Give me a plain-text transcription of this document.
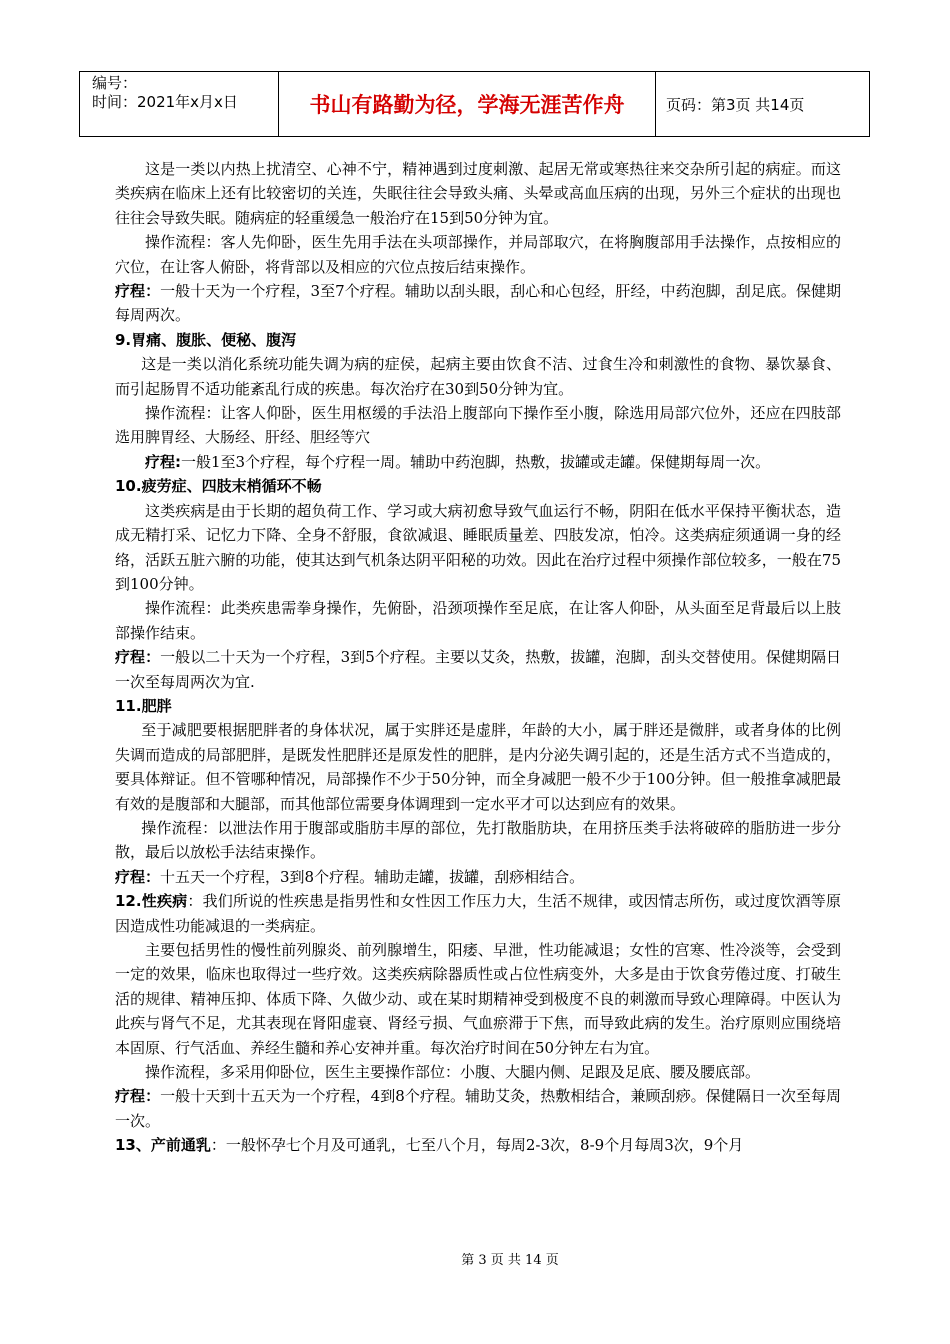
编号：
时间：2021年x月x日	书山有路勤为径，学海无涯苦作舟	页码：第3页 共14页

这是一类以内热上扰清空、心神不宁，精神遇到过度刺激、起居无常或寒热往来交杂所引起的病症。而这类疾病在临床上还有比较密切的关连，失眠往往会导致头痛、头晕或高血压病的出现，另外三个症状的出现也往往会导致失眠。随病症的轻重缓急一般治疗在15到50分钟为宜。

操作流程：客人先仰卧，医生先用手法在头项部操作，并局部取穴，在将胸腹部用手法操作，点按相应的穴位，在让客人俯卧，将背部以及相应的穴位点按后结束操作。

疗程：一般十天为一个疗程，3至7个疗程。辅助以刮头眼，刮心和心包经，肝经，中药泡脚，刮足底。保健期每周两次。

9.胃痛、腹胀、便秘、腹泻

这是一类以消化系统功能失调为病的症侯，起病主要由饮食不洁、过食生冷和刺激性的食物、暴饮暴食、而引起肠胃不适功能紊乱行成的疾患。每次治疗在30到50分钟为宜。

操作流程：让客人仰卧，医生用枢缓的手法沿上腹部向下操作至小腹，除选用局部穴位外，还应在四肢部选用脾胃经、大肠经、肝经、胆经等穴

疗程:一般1至3个疗程，每个疗程一周。辅助中药泡脚，热敷，拔罐或走罐。保健期每周一次。

10.疲劳症、四肢末梢循环不畅

这类疾病是由于长期的超负荷工作、学习或大病初愈导致气血运行不畅，阴阳在低水平保持平衡状态，造成无精打采、记忆力下降、全身不舒服，食欲减退、睡眠质量差、四肢发凉，怕冷。这类病症须通调一身的经络，活跃五脏六腑的功能，使其达到气机条达阴平阳秘的功效。因此在治疗过程中须操作部位较多，一般在75到100分钟。

操作流程：此类疾患需拳身操作，先俯卧，沿颈项操作至足底，在让客人仰卧，从头面至足背最后以上肢部操作结束。

疗程：一般以二十天为一个疗程，3到5个疗程。主要以艾灸，热敷，拔罐，泡脚，刮头交替使用。保健期隔日一次至每周两次为宜.

11.肥胖

至于减肥要根据肥胖者的身体状况，属于实胖还是虚胖，年龄的大小，属于胖还是微胖，或者身体的比例失调而造成的局部肥胖，是既发性肥胖还是原发性的肥胖，是内分泌失调引起的，还是生活方式不当造成的，要具体辩证。但不管哪种情况，局部操作不少于50分钟，而全身减肥一般不少于100分钟。但一般推拿减肥最有效的是腹部和大腿部，而其他部位需要身体调理到一定水平才可以达到应有的效果。

操作流程：以泄法作用于腹部或脂肪丰厚的部位，先打散脂肪块，在用挤压类手法将破碎的脂肪进一步分散，最后以放松手法结束操作。

疗程：十五天一个疗程，3到8个疗程。辅助走罐，拔罐，刮痧相结合。

12.性疾病：我们所说的性疾患是指男性和女性因工作压力大，生活不规律，或因情志所伤，或过度饮酒等原因造成性功能减退的一类病症。

主要包括男性的慢性前列腺炎、前列腺增生，阳痿、早泄，性功能减退；女性的宫寒、性冷淡等，会受到一定的效果，临床也取得过一些疗效。这类疾病除器质性或占位性病变外，大多是由于饮食劳倦过度、打破生活的规律、精神压抑、体质下降、久做少动、或在某时期精神受到极度不良的刺激而导致心理障碍。中医认为此疾与肾气不足，尤其表现在肾阳虚衰、肾经亏损、气血瘀滞于下焦，而导致此病的发生。治疗原则应围绕培本固原、行气活血、养经生髓和养心安神并重。每次治疗时间在50分钟左右为宜。

操作流程，多采用仰卧位，医生主要操作部位：小腹、大腿内侧、足跟及足底、腰及腰底部。

疗程：一般十天到十五天为一个疗程，4到8个疗程。辅助艾灸，热敷相结合，兼顾刮痧。保健隔日一次至每周一次。

13、产前通乳：一般怀孕七个月及可通乳，七至八个月，每周2-3次，8-9个月每周3次，9个月

第 3 页 共 14 页
